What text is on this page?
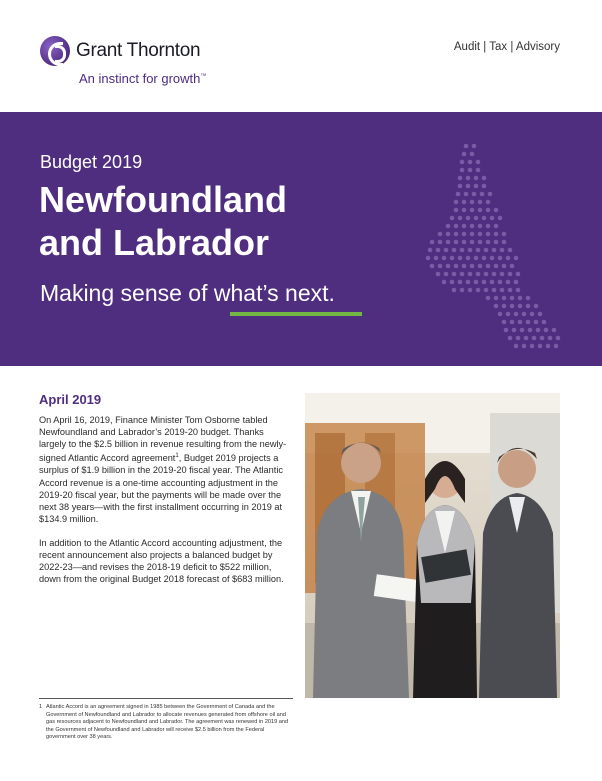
Grant Thornton
An instinct for growth™
Audit | Tax | Advisory
Budget 2019
Newfoundland
and Labrador
Making sense of what’s next.
April 2019

On April 16, 2019, Finance Minister Tom Osborne tabled Newfoundland and Labrador’s 2019-20 budget. Thanks largely to the $2.5 billion in revenue resulting from the newly-signed Atlantic Accord agreement$^1$, Budget 2019 projects a surplus of $1.9 billion in the 2019-20 fiscal year. The Atlantic Accord revenue is a one-time accounting adjustment in the 2019-20 fiscal year, but the payments will be made over the next 38 years—with the first installment occurring in 2019 at $134.9 million.

In addition to the Atlantic Accord accounting adjustment, the recent announcement also projects a balanced budget by 2022-23—and revises the 2018-19 deficit to $522 million, down from the original Budget 2018 forecast of $683 million.

1 Atlantic Accord is an agreement signed in 1985 between the Government of Canada and the Government of Newfoundland and Labrador to allocate revenues generated from offshore oil and gas resources adjacent to Newfoundland and Labrador. The agreement was renewed in 2019 and the Government of Newfoundland and Labrador will receive $2.5 billion from the Federal government over 38 years.
